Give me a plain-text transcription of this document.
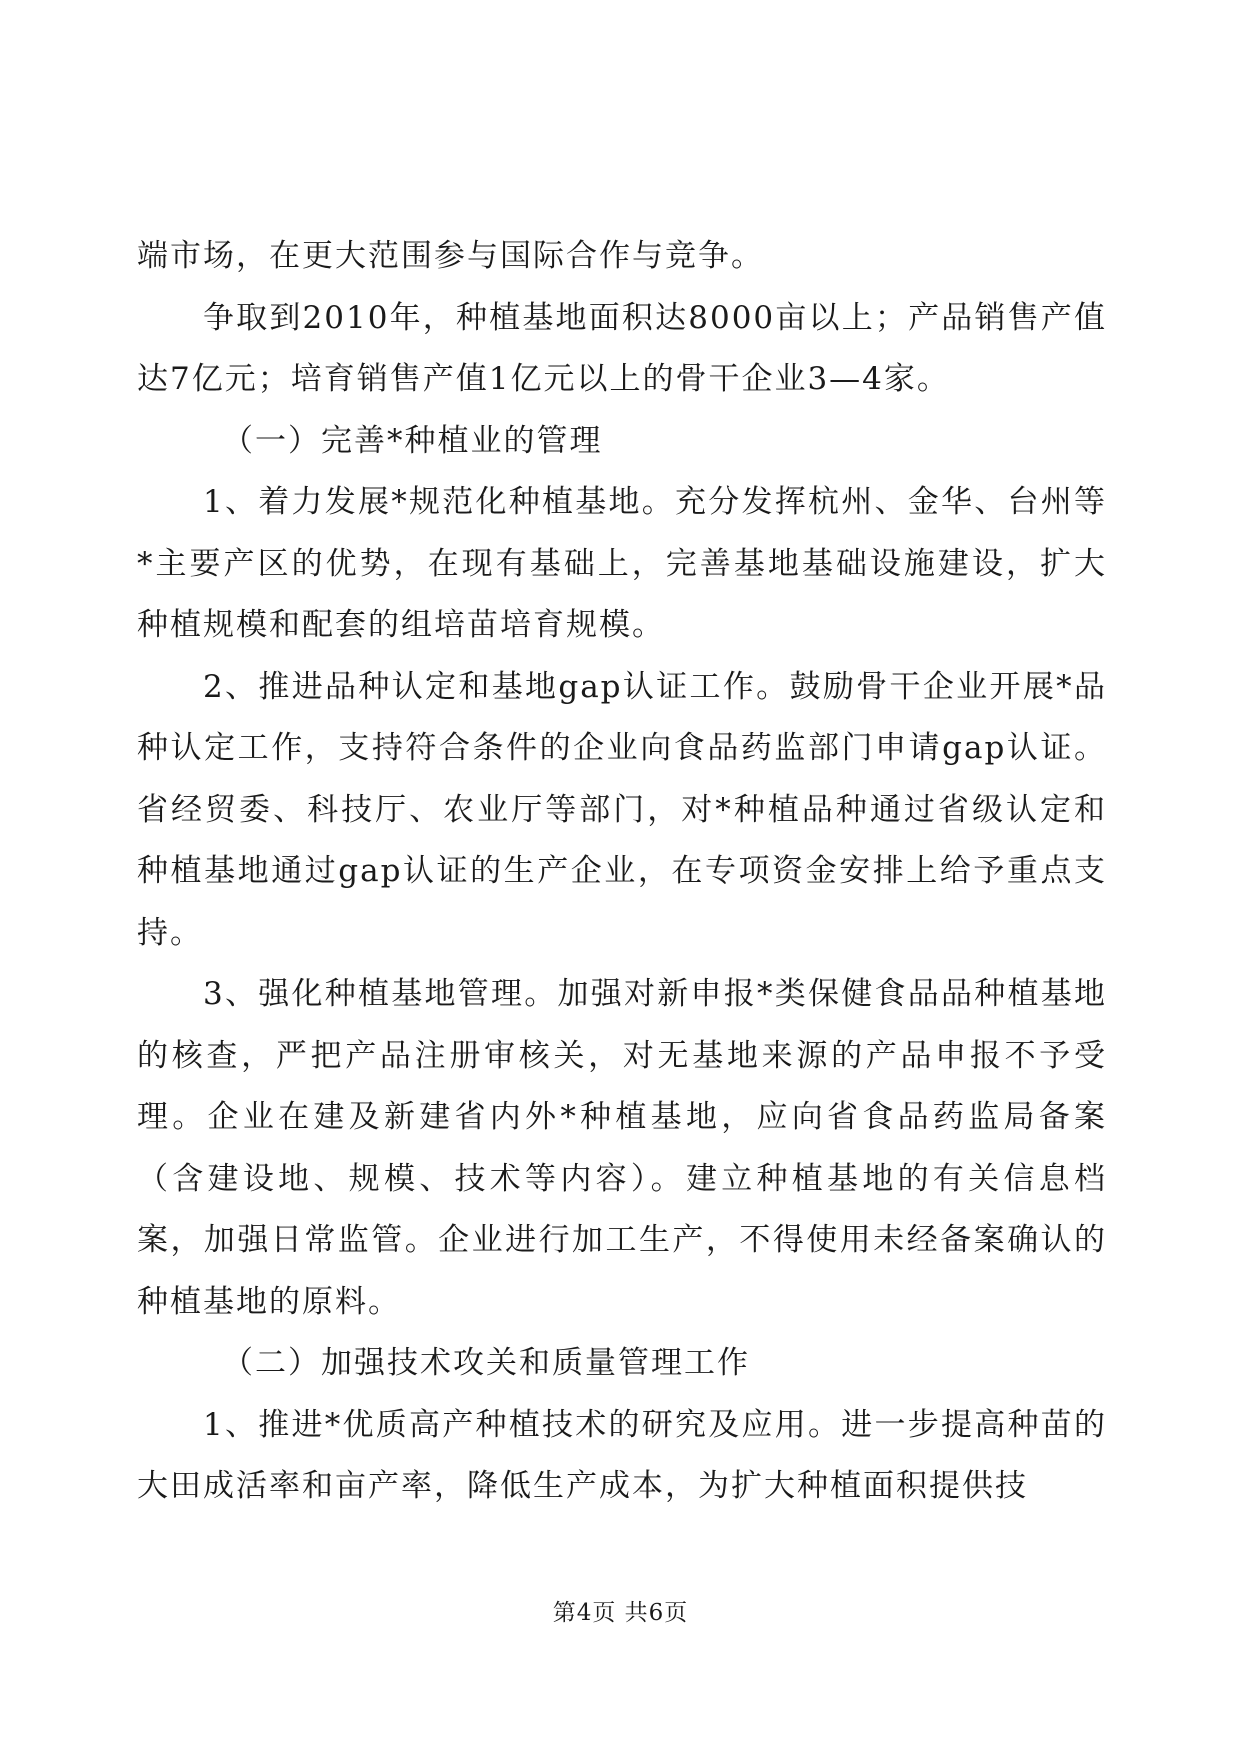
端市场，在更大范围参与国际合作与竞争。

争取到2010年，种植基地面积达8000亩以上；产品销售产值达7亿元；培育销售产值1亿元以上的骨干企业3—4家。

（一）完善*种植业的管理

1、着力发展*规范化种植基地。充分发挥杭州、金华、台州等*主要产区的优势，在现有基础上，完善基地基础设施建设，扩大种植规模和配套的组培苗培育规模。

2、推进品种认定和基地gap认证工作。鼓励骨干企业开展*品种认定工作，支持符合条件的企业向食品药监部门申请gap认证。省经贸委、科技厅、农业厅等部门，对*种植品种通过省级认定和种植基地通过gap认证的生产企业，在专项资金安排上给予重点支持。

3、强化种植基地管理。加强对新申报*类保健食品品种植基地的核查，严把产品注册审核关，对无基地来源的产品申报不予受理。企业在建及新建省内外*种植基地，应向省食品药监局备案（含建设地、规模、技术等内容）。建立种植基地的有关信息档案，加强日常监管。企业进行加工生产，不得使用未经备案确认的种植基地的原料。

（二）加强技术攻关和质量管理工作

1、推进*优质高产种植技术的研究及应用。进一步提高种苗的大田成活率和亩产率，降低生产成本，为扩大种植面积提供技

第4页 共6页
